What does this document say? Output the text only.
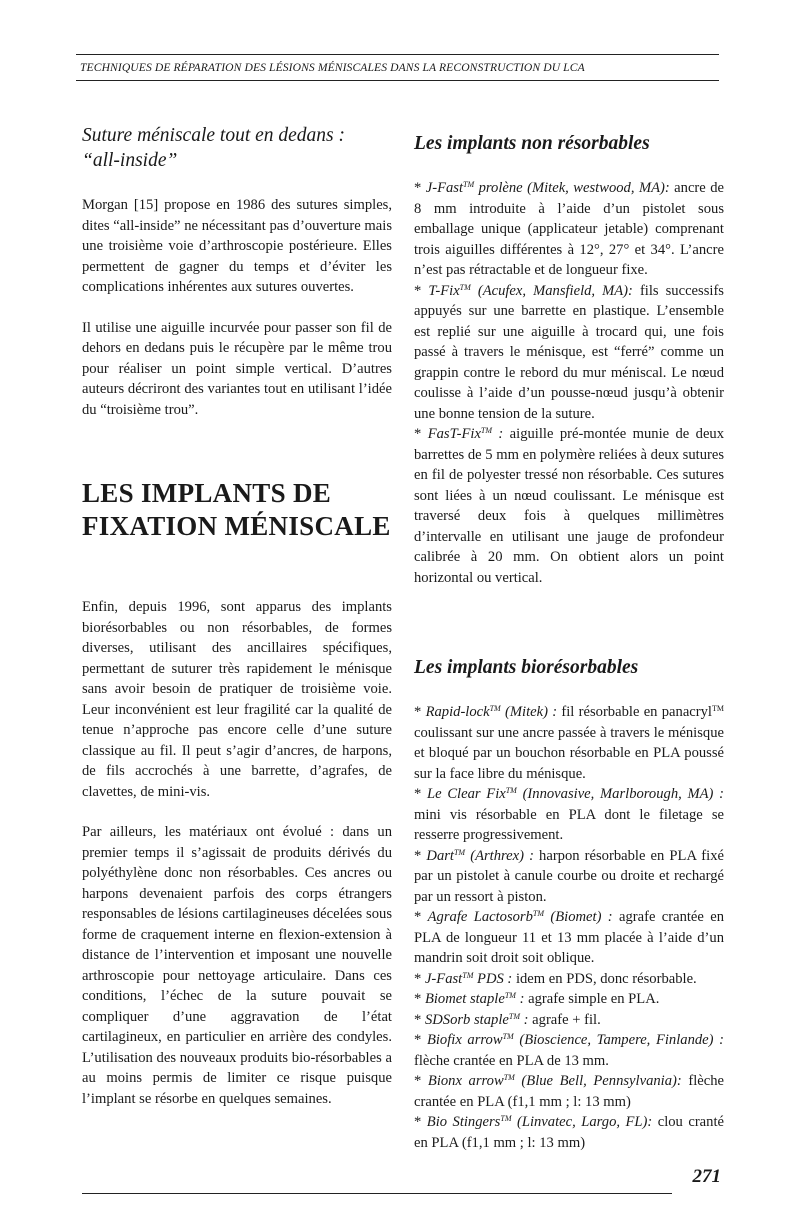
TECHNIQUES DE RÉPARATION DES LÉSIONS MÉNISCALES DANS LA RECONSTRUCTION DU LCA

Suture méniscale tout en dedans :

“all-inside”

Morgan [15] propose en 1986 des sutures simples, dites “all-inside” ne nécessitant pas d’ouverture mais une troisième voie d’arthroscopie postérieure. Elles permettent de gagner du temps et d’éviter les complications inhérentes aux sutures ouvertes.

Il utilise une aiguille incurvée pour passer son fil de dehors en dedans puis le récupère par le même trou pour réaliser un point simple vertical. D’autres auteurs décriront des variantes tout en utilisant l’idée du “troisième trou”.

LES IMPLANTS DE

FIXATION MÉNISCALE

Enfin, depuis 1996, sont apparus des implants biorésorbables ou non résorbables, de formes diverses, utilisant des ancillaires spécifiques, permettant de suturer très rapidement le ménisque sans avoir besoin de pratiquer de troisième voie. Leur inconvénient est leur fragilité car la qualité de tenue n’approche pas encore celle d’une suture classique au fil. Il peut s’agir d’ancres, de harpons, de fils accrochés à une barrette, d’agrafes, de clavettes, de mini-vis.

Par ailleurs, les matériaux ont évolué : dans un premier temps il s’agissait de produits dérivés du polyéthylène donc non résorbables. Ces ancres ou harpons devenaient parfois des corps étrangers responsables de lésions cartilagineuses décelées sous forme de craquement interne en flexion-extension à distance de l’intervention et imposant une nouvelle arthroscopie pour nettoyage articulaire. Dans ces conditions, l’échec de la suture pouvait se compliquer d’une aggravation de l’état cartilagineux, en particulier en arrière des condyles. L’utilisation des nouveaux produits bio-résorbables a au moins permis de limiter ce risque puisque l’implant se résorbe en quelques semaines.

Les implants non résorbables

* J-Fast™ prolène (Mitek, westwood, MA): ancre de 8 mm introduite à l’aide d’un pistolet sous emballage unique (applicateur jetable) comprenant trois aiguilles différentes à 12°, 27° et 34°. L’ancre n’est pas rétractable et de longueur fixe.

* T-Fix™ (Acufex, Mansfield, MA): fils successifs appuyés sur une barrette en plastique. L’ensemble est replié sur une aiguille à trocard qui, une fois passé à travers le ménisque, est “ferré” comme un grappin contre le rebord du mur méniscal. Le nœud coulisse à l’aide d’un pousse-nœud jusqu’à obtenir une bonne tension de la suture.

* FasT-Fix™ : aiguille pré-montée munie de deux barrettes de 5 mm en polymère reliées à deux sutures en fil de polyester tressé non résorbable. Ces sutures sont liées à un nœud coulissant. Le ménisque est traversé deux fois à quelques millimètres d’intervalle en utilisant une jauge de profondeur calibrée à 20 mm. On obtient alors un point horizontal ou vertical.

Les implants biorésorbables

* Rapid-lock™ (Mitek) : fil résorbable en panacryl™ coulissant sur une ancre passée à travers le ménisque et bloqué par un bouchon résorbable en PLA poussé sur la face libre du ménisque.

* Le Clear Fix™ (Innovasive, Marlborough, MA) : mini vis résorbable en PLA dont le filetage se resserre progressivement.

* Dart™ (Arthrex) : harpon résorbable en PLA fixé par un pistolet à canule courbe ou droite et rechargé par un ressort à piston.

* Agrafe Lactosorb™ (Biomet) : agrafe crantée en PLA de longueur 11 et 13 mm placée à l’aide d’un mandrin soit droit soit oblique.

* J-Fast™ PDS : idem en PDS, donc résorbable.

* Biomet staple™ : agrafe simple en PLA.

* SDSorb staple™ : agrafe + fil.

* Biofix arrow™ (Bioscience, Tampere, Finlande) : flèche crantée en PLA de 13 mm.

* Bionx arrow™ (Blue Bell, Pennsylvania): flèche crantée en PLA (f1,1 mm ; l: 13 mm)

* Bio Stingers™ (Linvatec, Largo, FL): clou cranté en PLA (f1,1 mm ; l: 13 mm)

271
